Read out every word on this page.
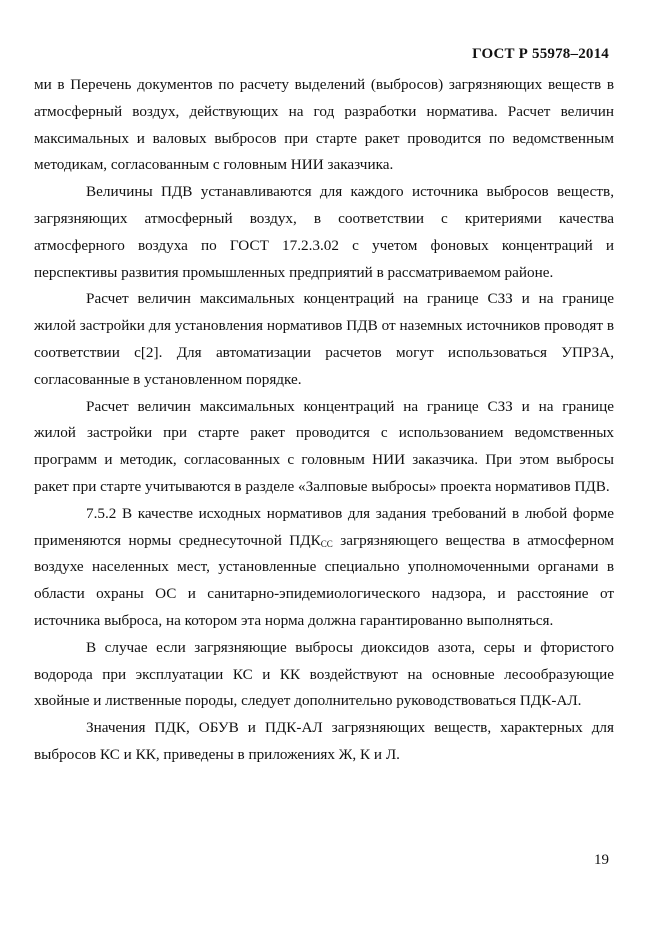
ГОСТ Р 55978–2014

ми в Перечень документов по расчету выделений (выбросов) загрязняющих веществ в атмосферный воздух, действующих на год разработки норматива. Расчет величин максимальных и валовых выбросов при старте ракет проводится по ведомственным методикам, согласованным с головным НИИ заказчика.

Величины ПДВ устанавливаются для каждого источника выбросов веществ, загрязняющих атмосферный воздух, в соответствии с критериями качества атмосферного воздуха по ГОСТ 17.2.3.02 с учетом фоновых концентраций и перспективы развития промышленных предприятий в рассматриваемом районе.

Расчет величин максимальных концентраций на границе СЗЗ и на границе жилой застройки для установления нормативов ПДВ от наземных источников проводят в соответствии с[2]. Для автоматизации расчетов могут использоваться УПРЗА, согласованные в установленном порядке.

Расчет величин максимальных концентраций на границе СЗЗ и на границе жилой застройки при старте ракет проводится с использованием ведомственных программ и методик, согласованных с головным НИИ заказчика. При этом выбросы ракет при старте учитываются в разделе «Залповые выбросы» проекта нормативов ПДВ.

7.5.2 В качестве исходных нормативов для задания требований в любой форме применяются нормы среднесуточной $ПДК_{СС}$ загрязняющего вещества в атмосферном воздухе населенных мест, установленные специально уполномоченными органами в области охраны ОС и санитарно-эпидемиологического надзора, и расстояние от источника выброса, на котором эта норма должна гарантированно выполняться.

В случае если загрязняющие выбросы диоксидов азота, серы и фтористого водорода при эксплуатации КС и КК воздействуют на основные лесообразующие хвойные и лиственные породы, следует дополнительно руководствоваться ПДК-АЛ.

Значения ПДК, ОБУВ и ПДК-АЛ загрязняющих веществ, характерных для выбросов КС и КК, приведены в приложениях Ж, К и Л.

19
